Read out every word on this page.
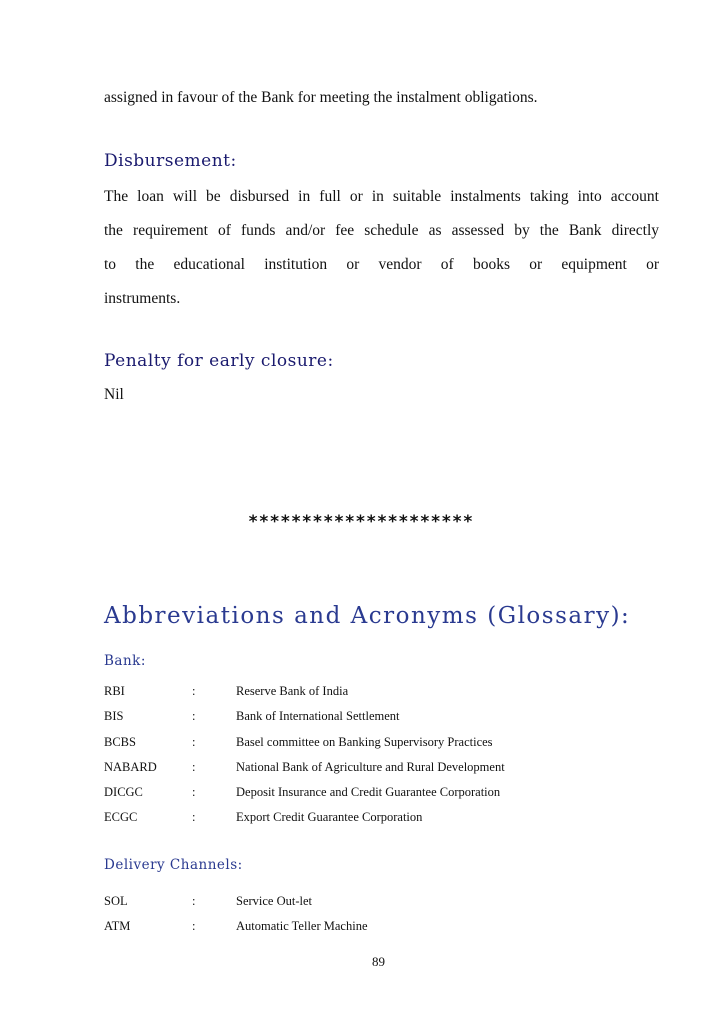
assigned in favour of the Bank for meeting the instalment obligations.
Disbursement:
The loan will be disbursed in full or in suitable instalments taking into account
the requirement of funds and/or fee schedule as assessed by the Bank directly
to the educational institution or vendor of books or equipment or
instruments.
Penalty for early closure:
Nil
*********************
Abbreviations and Acronyms (Glossary):
Bank:
RBI	:	Reserve Bank of India
BIS	:	Bank of International Settlement
BCBS	:	Basel committee on Banking Supervisory Practices
NABARD	:	National Bank of Agriculture and Rural Development
DICGC	:	Deposit Insurance and Credit Guarantee Corporation
ECGC	:	Export Credit Guarantee Corporation
Delivery Channels:
SOL	:	Service Out-let
ATM	:	Automatic Teller Machine
89
